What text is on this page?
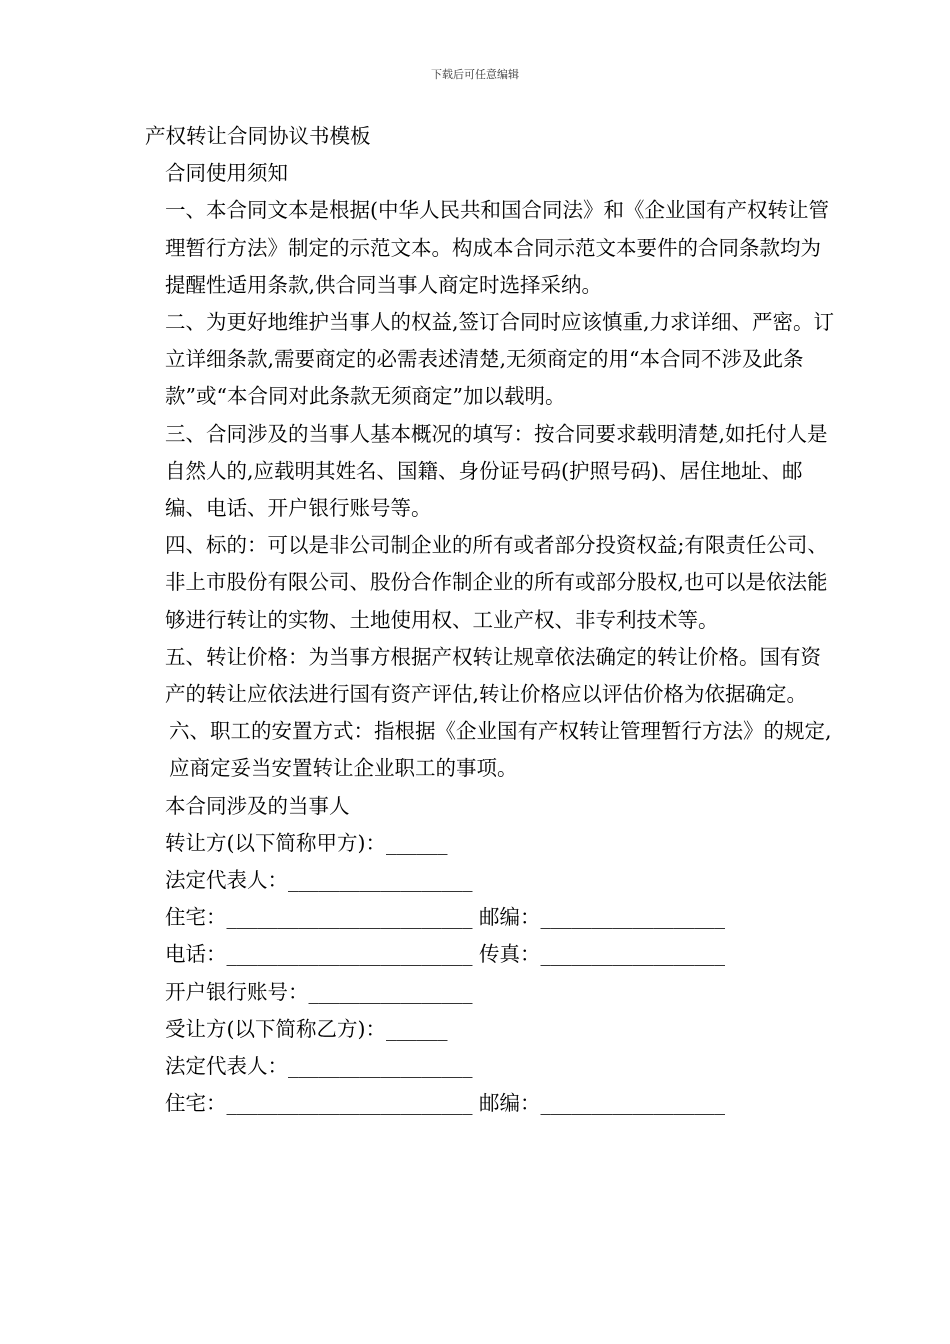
下载后可任意编辑

产权转让合同协议书模板

合同使用须知

一、本合同文本是根据(中华人民共和国合同法》和《企业国有产权转让管理暂行方法》制定的示范文本。构成本合同示范文本要件的合同条款均为提醒性适用条款,供合同当事人商定时选择采纳。

二、为更好地维护当事人的权益,签订合同时应该慎重,力求详细、严密。订立详细条款,需要商定的必需表述清楚,无须商定的用“本合同不涉及此条款”或“本合同对此条款无须商定”加以载明。

三、合同涉及的当事人基本概况的填写：按合同要求载明清楚,如托付人是自然人的,应载明其姓名、国籍、身份证号码(护照号码)、居住地址、邮编、电话、开户银行账号等。

四、标的：可以是非公司制企业的所有或者部分投资权益;有限责任公司、非上市股份有限公司、股份合作制企业的所有或部分股权,也可以是依法能够进行转让的实物、土地使用权、工业产权、非专利技术等。

五、转让价格：为当事方根据产权转让规章依法确定的转让价格。国有资产的转让应依法进行国有资产评估,转让价格应以评估价格为依据确定。

六、职工的安置方式：指根据《企业国有产权转让管理暂行方法》的规定,应商定妥当安置转让企业职工的事项。

本合同涉及的当事人

转让方(以下简称甲方)：______

法定代表人：__________________

住宅：________________________ 邮编：__________________

电话：________________________ 传真：__________________

开户银行账号：________________

受让方(以下简称乙方)：______

法定代表人：__________________

住宅：________________________ 邮编：__________________
